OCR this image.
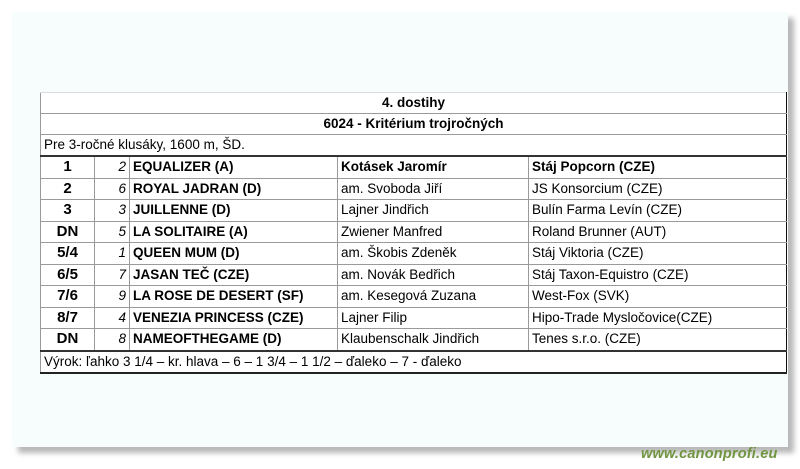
4. dostihy				
6024 - Kritérium trojročných				
Pre 3-ročné klusáky, 1600 m, ŠD.				
1	2	EQUALIZER (A)	Kotásek Jaromír	Stáj Popcorn (CZE)
2	6	ROYAL JADRAN (D)	am. Svoboda Jiří	JS Konsorcium (CZE)
3	3	JUILLENNE (D)	Lajner Jindřich	Bulín Farma Levín (CZE)
DN	5	LA SOLITAIRE (A)	Zwiener Manfred	Roland Brunner (AUT)
5/4	1	QUEEN MUM (D)	am. Škobis Zdeněk	Stáj Viktoria (CZE)
6/5	7	JASAN TEČ (CZE)	am. Novák Bedřich	Stáj Taxon-Equistro (CZE)
7/6	9	LA ROSE DE DESERT (SF)	am. Kesegová Zuzana	West-Fox (SVK)
8/7	4	VENEZIA PRINCESS (CZE)	Lajner Filip	Hipo-Trade Mysločovice(CZE)
DN	8	NAMEOFTHEGAME (D)	Klaubenschalk Jindřich	Tenes s.r.o. (CZE)
Výrok: ľahko 3 1/4 – kr. hlava – 6 – 1 3/4 – 1 1/2 – ďaleko – 7 - ďaleko				
www.canonprofi.eu
